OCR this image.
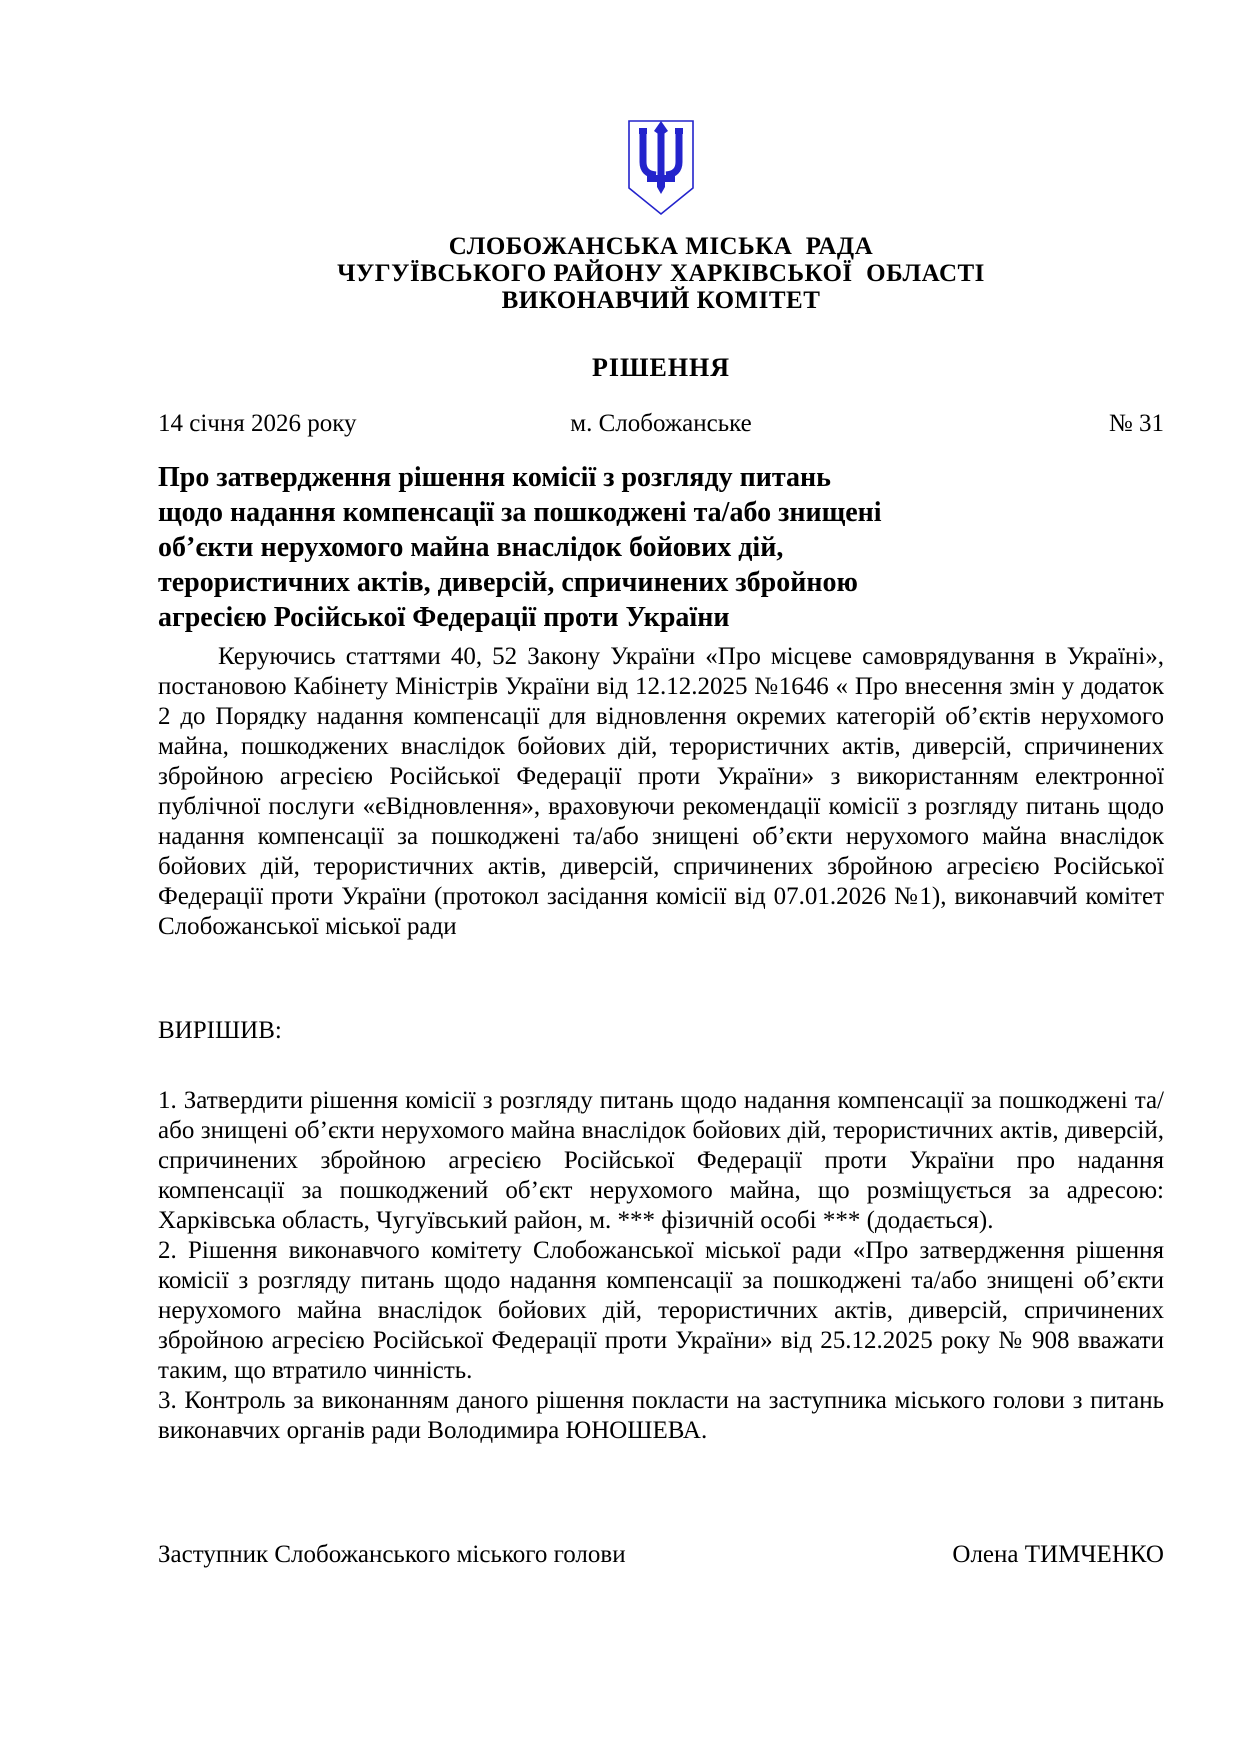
СЛОБОЖАНСЬКА МІСЬКА  РАДА
ЧУГУЇВСЬКОГО РАЙОНУ ХАРКІВСЬКОЇ  ОБЛАСТІ
ВИКОНАВЧИЙ КОМІТЕТ
РІШЕННЯ
14 січня 2026 року	м. Слобожанське	№ 31
Про затвердження рішення комісії з розгляду питань
щодо надання компенсації за пошкоджені та/або знищені
об’єкти нерухомого майна внаслідок бойових дій,
терористичних актів, диверсій, спричинених збройною
агресією Російської Федерації проти України
Керуючись статтями 40, 52 Закону України «Про місцеве самоврядування в Україні», постановою Кабінету Міністрів України від 12.12.2025 №1646 « Про внесення змін у додаток 2 до Порядку надання компенсації для відновлення окремих категорій об’єктів нерухомого майна, пошкоджених внаслідок бойових дій, терористичних актів, диверсій, спричинених збройною агресією Російської Федерації проти України» з використанням електронної публічної послуги «єВідновлення», враховуючи рекомендації комісії з розгляду питань щодо надання компенсації за пошкоджені та/або знищені об’єкти нерухомого майна внаслідок бойових дій, терористичних актів, диверсій, спричинених збройною агресією Російської Федерації проти України (протокол засідання комісії від 07.01.2026 №1), виконавчий комітет Слобожанської міської ради
ВИРІШИВ:

1. Затвердити рішення комісії з розгляду питань щодо надання компенсації за пошкоджені та/або знищені об’єкти нерухомого майна внаслідок бойових дій, терористичних актів, диверсій, спричинених збройною агресією Російської Федерації проти України про надання компенсації за пошкоджений об’єкт нерухомого майна, що розміщується за адресою: Харківська область, Чугуївський район, м. *** фізичній особі *** (додається).

2. Рішення виконавчого комітету Слобожанської міської ради «Про затвердження рішення комісії з розгляду питань щодо надання компенсації за пошкоджені та/або знищені об’єкти нерухомого майна внаслідок бойових дій, терористичних актів, диверсій, спричинених збройною агресією Російської Федерації проти України» від 25.12.2025 року № 908 вважати таким, що втратило чинність.

3. Контроль за виконанням даного рішення покласти на заступника міського голови з питань виконавчих органів ради Володимира ЮНОШЕВА.

Заступник Слобожанського міського голови	Олена ТИМЧЕНКО
